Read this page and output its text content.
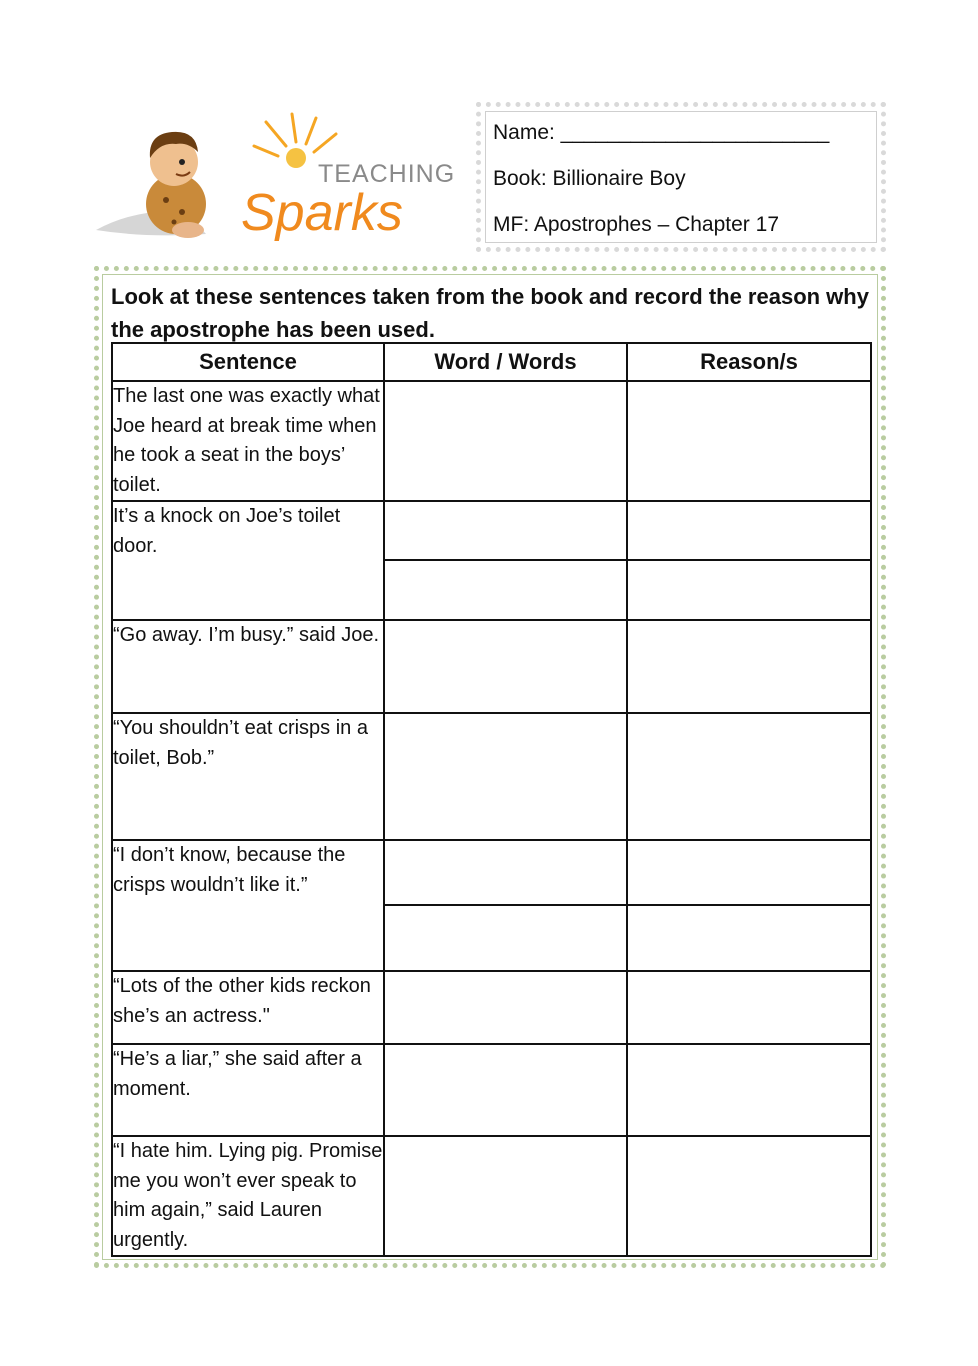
TEACHING
Sparks
Name: _______________________
Book: Billionaire Boy
MF: Apostrophes – Chapter 17
Look at these sentences taken from the book and record the reason why the apostrophe has been used.
Sentence	Word / Words	Reason/s
The last one was exactly what Joe heard at break time when he took a seat in the boys’ toilet.		
It’s a knock on Joe’s toilet door.		

“Go away. I’m busy.” said Joe.		
“You shouldn’t eat crisps in a toilet, Bob.”		
“I don’t know, because the crisps wouldn’t like it.”		

“Lots of the other kids reckon she’s an actress."		
“He’s a liar,” she said after a moment.		
“I hate him. Lying pig. Promise me you won’t ever speak to him again,” said Lauren urgently.		
